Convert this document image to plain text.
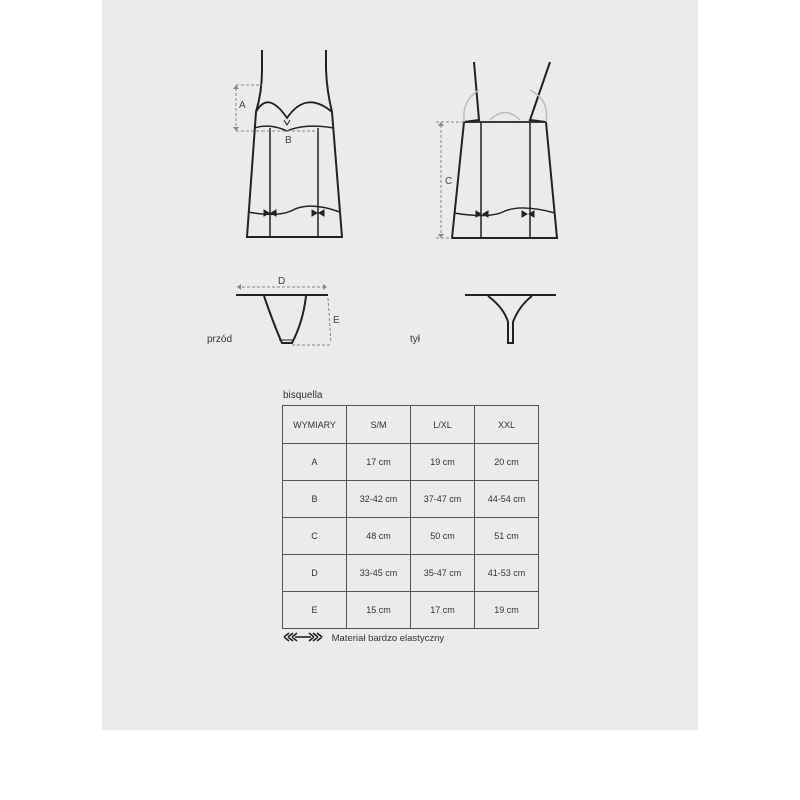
A
B
C
D
E
przód	tył
bisquella
WYMIARY	S/M	L/XL	XXL
A	17 cm	19 cm	20 cm
B	32-42 cm	37-47 cm	44-54 cm
C	48 cm	50 cm	51 cm
D	33-45 cm	35-47 cm	41-53 cm
E	15 cm	17 cm	19 cm
Materiał bardzo elastyczny
